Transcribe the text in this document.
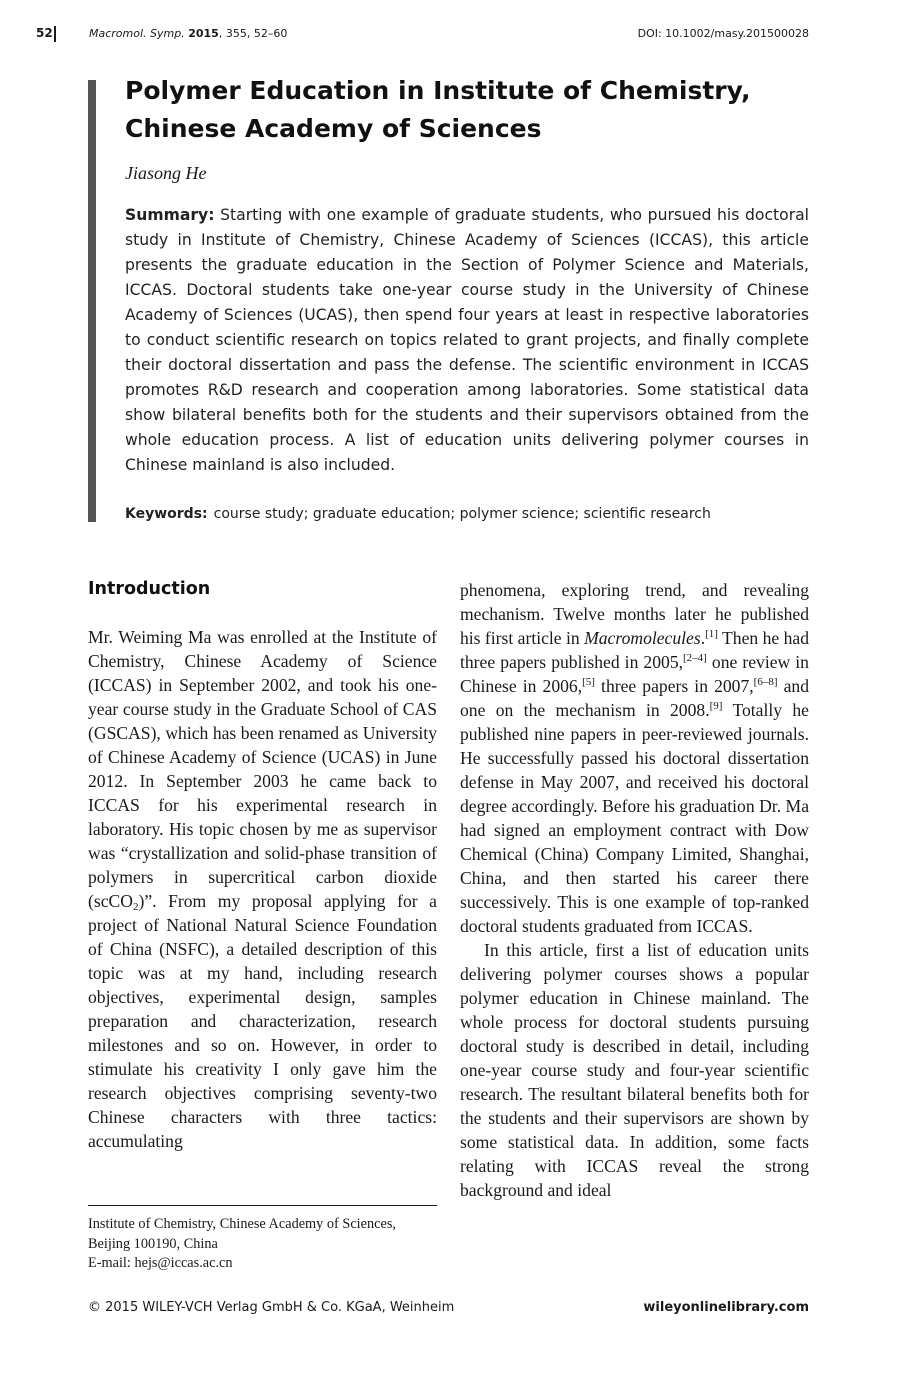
52	Macromol. Symp. 2015, 355, 52–60	DOI: 10.1002/masy.201500028
Polymer Education in Institute of Chemistry,
Chinese Academy of Sciences
Jiasong He

Summary: Starting with one example of graduate students, who pursued his doctoral study in Institute of Chemistry, Chinese Academy of Sciences (ICCAS), this article presents the graduate education in the Section of Polymer Science and Materials, ICCAS. Doctoral students take one-year course study in the University of Chinese Academy of Sciences (UCAS), then spend four years at least in respective laboratories to conduct scientific research on topics related to grant projects, and finally complete their doctoral dissertation and pass the defense. The scientific environment in ICCAS promotes R&D research and cooperation among laboratories. Some statistical data show bilateral benefits both for the students and their supervisors obtained from the whole education process. A list of education units delivering polymer courses in Chinese mainland is also included.

Keywords: course study; graduate education; polymer science; scientific research
Introduction

Mr. Weiming Ma was enrolled at the Institute of Chemistry, Chinese Academy of Science (ICCAS) in September 2002, and took his one-year course study in the Graduate School of CAS (GSCAS), which has been renamed as University of Chinese Academy of Science (UCAS) in June 2012. In September 2003 he came back to ICCAS for his experimental research in laboratory. His topic chosen by me as supervisor was “crystallization and solid-phase transition of polymers in supercritical carbon dioxide (scCO$_2$)”. From my proposal applying for a project of National Natural Science Foundation of China (NSFC), a detailed description of this topic was at my hand, including research objectives, experimental design, samples preparation and characterization, research milestones and so on. However, in order to stimulate his creativity I only gave him the research objectives comprising seventy-two Chinese characters with three tactics: accumulating

phenomena, exploring trend, and revealing mechanism. Twelve months later he published his first article in Macromolecules.[1] Then he had three papers published in 2005,[2–4] one review in Chinese in 2006,[5] three papers in 2007,[6–8] and one on the mechanism in 2008.[9] Totally he published nine papers in peer-reviewed journals. He successfully passed his doctoral dissertation defense in May 2007, and received his doctoral degree accordingly. Before his graduation Dr. Ma had signed an employment contract with Dow Chemical (China) Company Limited, Shanghai, China, and then started his career there successively. This is one example of top-ranked doctoral students graduated from ICCAS.

In this article, first a list of education units delivering polymer courses shows a popular polymer education in Chinese mainland. The whole process for doctoral students pursuing doctoral study is described in detail, including one-year course study and four-year scientific research. The resultant bilateral benefits both for the students and their supervisors are shown by some statistical data. In addition, some facts relating with ICCAS reveal the strong background and ideal

Institute of Chemistry, Chinese Academy of Sciences,
Beijing 100190, China
E-mail: hejs@iccas.ac.cn
© 2015 WILEY-VCH Verlag GmbH & Co. KGaA, Weinheim	wileyonlinelibrary.com
